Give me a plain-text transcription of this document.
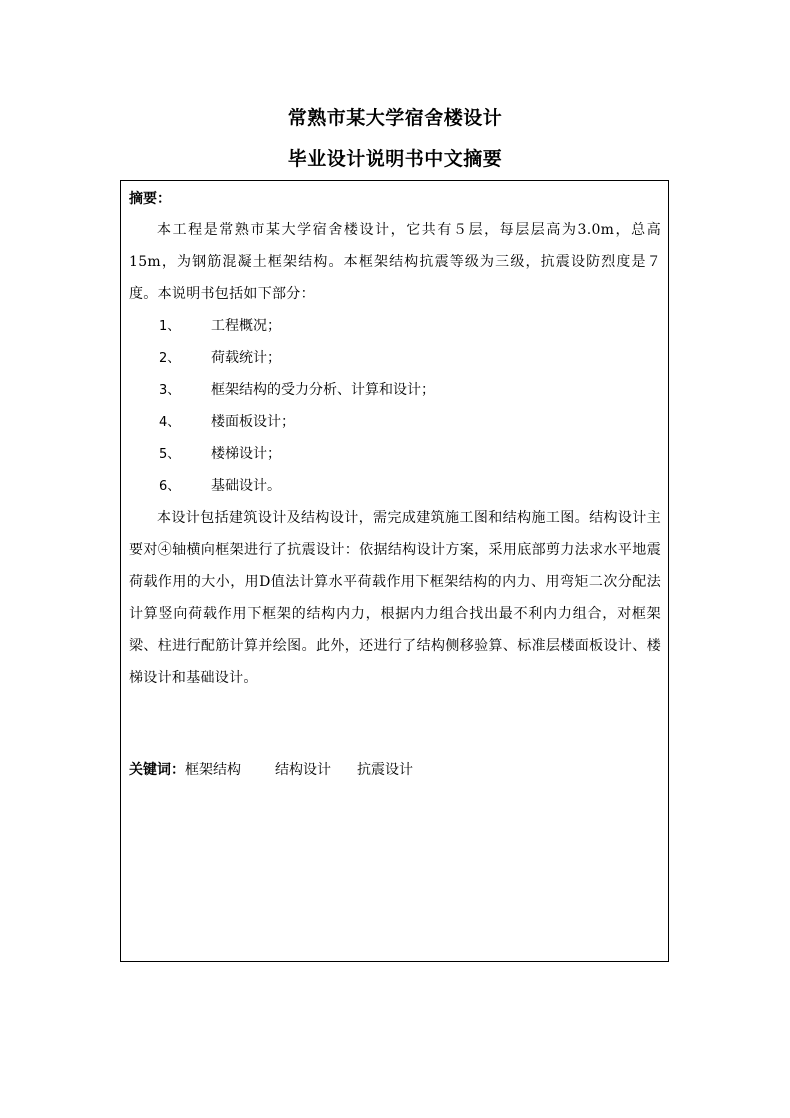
常熟市某大学宿舍楼设计
毕业设计说明书中文摘要
摘要：
本工程是常熟市某大学宿舍楼设计，它共有５层，每层层高为3.0m，总高15m，为钢筋混凝土框架结构。本框架结构抗震等级为三级，抗震设防烈度是７度。本说明书包括如下部分：
1、 工程概况；
2、 荷载统计；
3、 框架结构的受力分析、计算和设计；
4、 楼面板设计；
5、 楼梯设计；
6、 基础设计。
本设计包括建筑设计及结构设计，需完成建筑施工图和结构施工图。结构设计主要对④轴横向框架进行了抗震设计：依据结构设计方案，采用底部剪力法求水平地震荷载作用的大小，用D值法计算水平荷载作用下框架结构的内力、用弯矩二次分配法计算竖向荷载作用下框架的结构内力，根据内力组合找出最不利内力组合，对框架梁、柱进行配筋计算并绘图。此外，还进行了结构侧移验算、标准层楼面板设计、楼梯设计和基础设计。
关键词：框架结构 结构设计 抗震设计
